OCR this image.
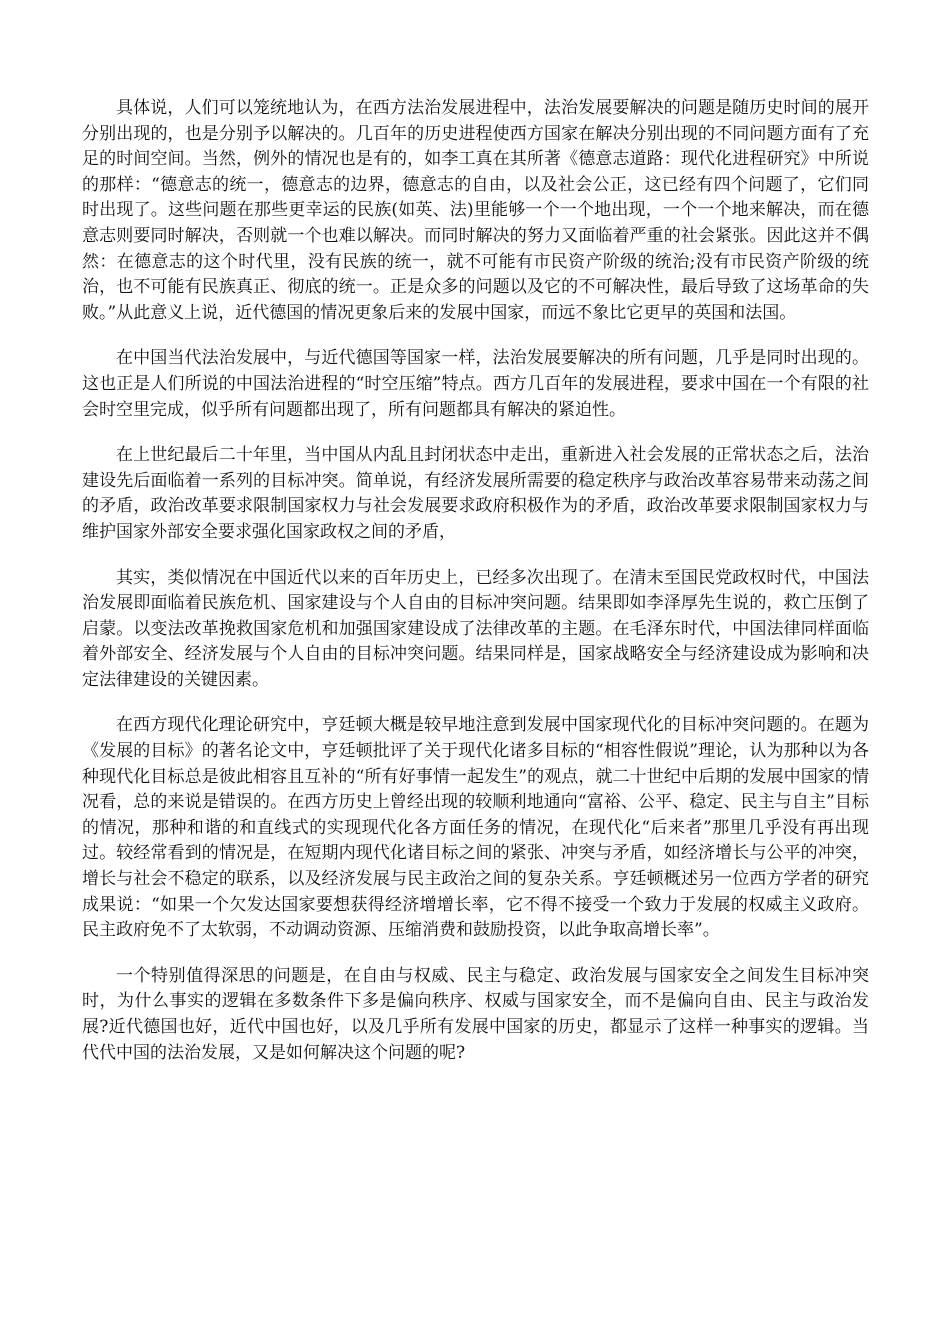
具体说，人们可以笼统地认为，在西方法治发展进程中，法治发展要解决的问题是随历史时间的展开分别出现的，也是分别予以解决的。几百年的历史进程使西方国家在解决分别出现的不同问题方面有了充足的时间空间。当然，例外的情况也是有的，如李工真在其所著《德意志道路：现代化进程研究》中所说的那样：“德意志的统一，德意志的边界，德意志的自由，以及社会公正，这已经有四个问题了，它们同时出现了。这些问题在那些更幸运的民族(如英、法)里能够一个一个地出现，一个一个地来解决，而在德意志则要同时解决，否则就一个也难以解决。而同时解决的努力又面临着严重的社会紧张。因此这并不偶然：在德意志的这个时代里，没有民族的统一，就不可能有市民资产阶级的统治;没有市民资产阶级的统治，也不可能有民族真正、彻底的统一。正是众多的问题以及它的不可解决性，最后导致了这场革命的失败。”从此意义上说，近代德国的情况更象后来的发展中国家，而远不象比它更早的英国和法国。

在中国当代法治发展中，与近代德国等国家一样，法治发展要解决的所有问题，几乎是同时出现的。这也正是人们所说的中国法治进程的“时空压缩”特点。西方几百年的发展进程，要求中国在一个有限的社会时空里完成，似乎所有问题都出现了，所有问题都具有解决的紧迫性。

在上世纪最后二十年里，当中国从内乱且封闭状态中走出，重新进入社会发展的正常状态之后，法治建设先后面临着一系列的目标冲突。简单说，有经济发展所需要的稳定秩序与政治改革容易带来动荡之间的矛盾，政治改革要求限制国家权力与社会发展要求政府积极作为的矛盾，政治改革要求限制国家权力与维护国家外部安全要求强化国家政权之间的矛盾，

其实，类似情况在中国近代以来的百年历史上，已经多次出现了。在清末至国民党政权时代，中国法治发展即面临着民族危机、国家建设与个人自由的目标冲突问题。结果即如李泽厚先生说的，救亡压倒了启蒙。以变法改革挽救国家危机和加强国家建设成了法律改革的主题。在毛泽东时代，中国法律同样面临着外部安全、经济发展与个人自由的目标冲突问题。结果同样是，国家战略安全与经济建设成为影响和决定法律建设的关键因素。

在西方现代化理论研究中，亨廷顿大概是较早地注意到发展中国家现代化的目标冲突问题的。在题为《发展的目标》的著名论文中，亨廷顿批评了关于现代化诸多目标的“相容性假说”理论，认为那种以为各种现代化目标总是彼此相容且互补的“所有好事情一起发生”的观点，就二十世纪中后期的发展中国家的情况看，总的来说是错误的。在西方历史上曾经出现的较顺利地通向“富裕、公平、稳定、民主与自主”目标的情况，那种和谐的和直线式的实现现代化各方面任务的情况，在现代化“后来者”那里几乎没有再出现过。较经常看到的情况是，在短期内现代化诸目标之间的紧张、冲突与矛盾，如经济增长与公平的冲突，增长与社会不稳定的联系，以及经济发展与民主政治之间的复杂关系。亨廷顿概述另一位西方学者的研究成果说：“如果一个欠发达国家要想获得经济增增长率，它不得不接受一个致力于发展的权威主义政府。民主政府免不了太软弱，不动调动资源、压缩消费和鼓励投资，以此争取高增长率”。

一个特别值得深思的问题是，在自由与权威、民主与稳定、政治发展与国家安全之间发生目标冲突时，为什么事实的逻辑在多数条件下多是偏向秩序、权威与国家安全，而不是偏向自由、民主与政治发展?近代德国也好，近代中国也好，以及几乎所有发展中国家的历史，都显示了这样一种事实的逻辑。当代代中国的法治发展，又是如何解决这个问题的呢?
